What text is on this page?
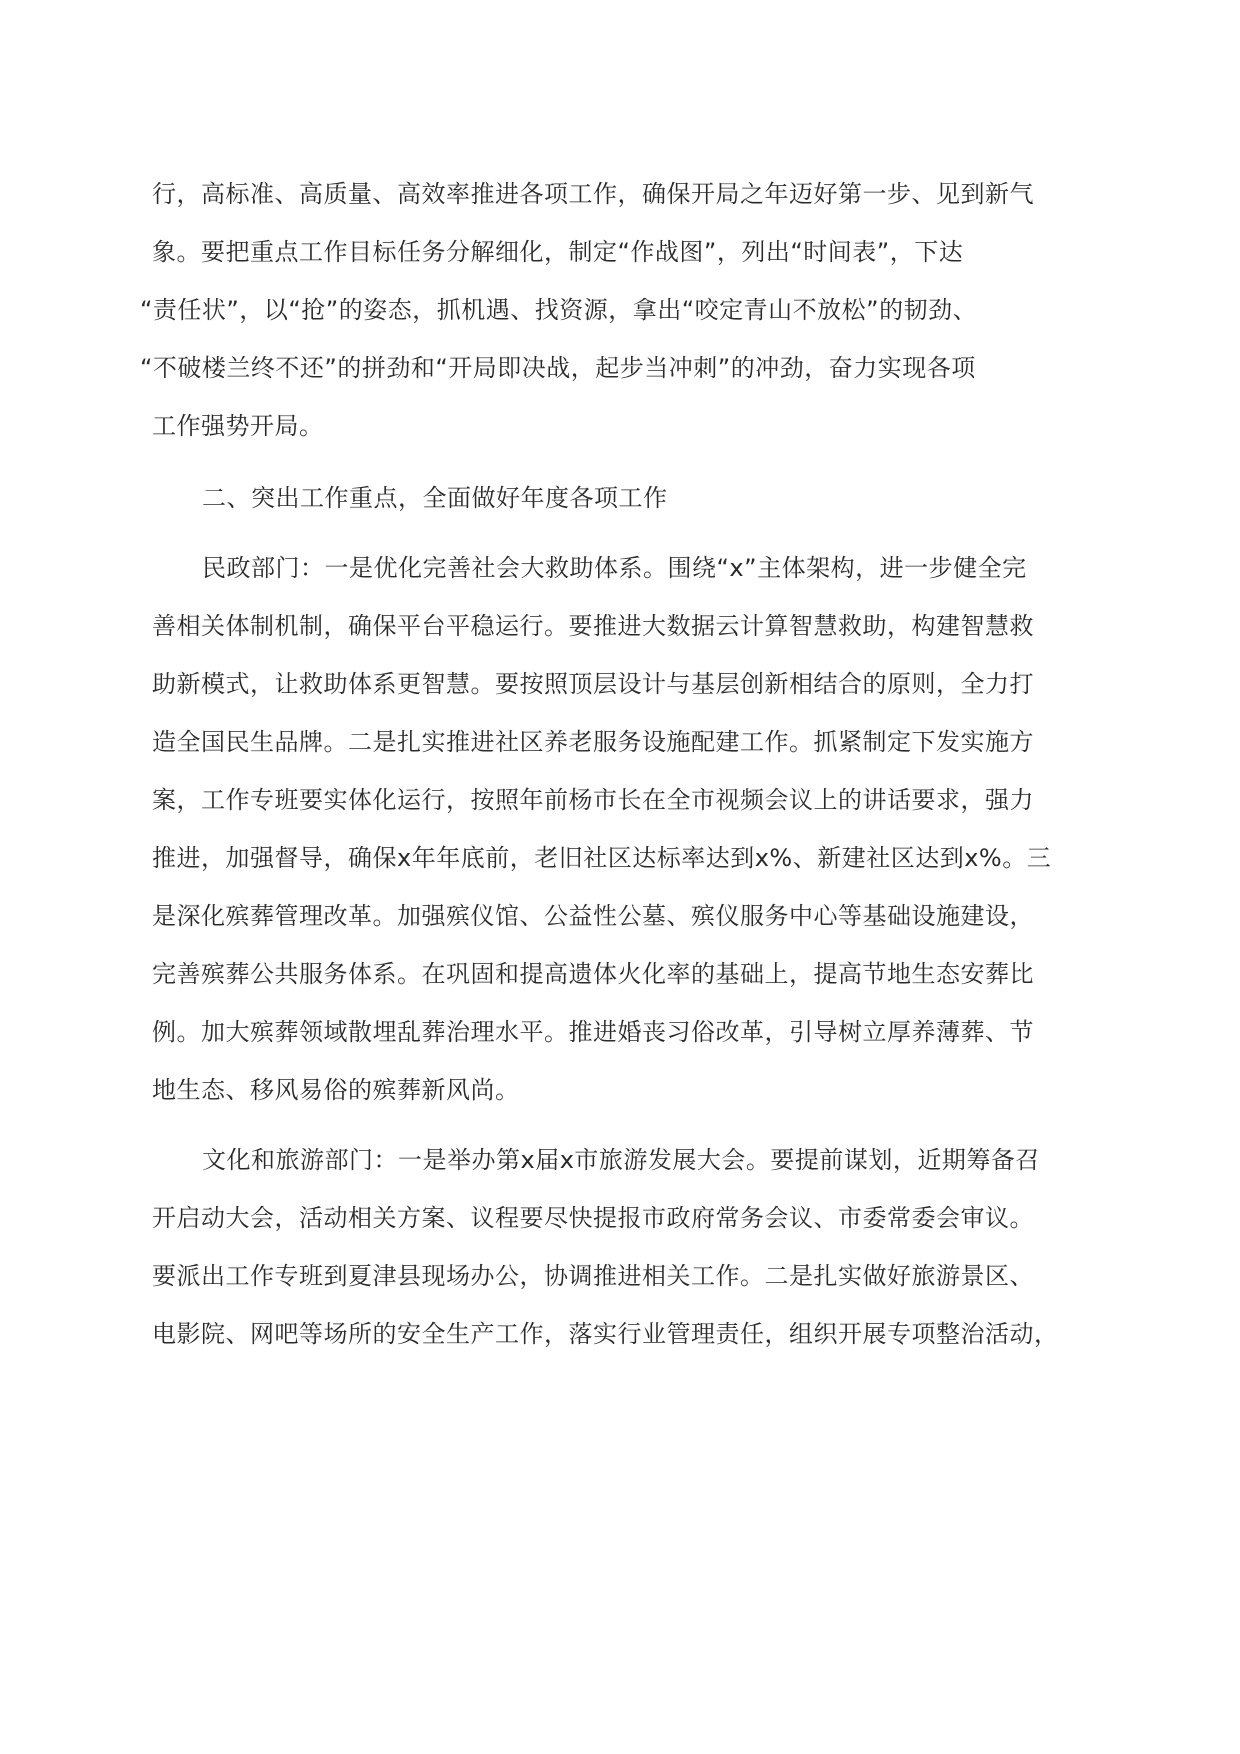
行，高标准、高质量、高效率推进各项工作，确保开局之年迈好第一步、见到新气
象。要把重点工作目标任务分解细化，制定“作战图”，列出“时间表”，下达
“责任状”，以“抢”的姿态，抓机遇、找资源，拿出“咬定青山不放松”的韧劲、
“不破楼兰终不还”的拼劲和“开局即决战，起步当冲刺”的冲劲，奋力实现各项
工作强势开局。
二、突出工作重点，全面做好年度各项工作
民政部门：一是优化完善社会大救助体系。围绕“x”主体架构，进一步健全完
善相关体制机制，确保平台平稳运行。要推进大数据云计算智慧救助，构建智慧救
助新模式，让救助体系更智慧。要按照顶层设计与基层创新相结合的原则，全力打
造全国民生品牌。二是扎实推进社区养老服务设施配建工作。抓紧制定下发实施方
案，工作专班要实体化运行，按照年前杨市长在全市视频会议上的讲话要求，强力
推进，加强督导，确保x年年底前，老旧社区达标率达到x%、新建社区达到x%。三
是深化殡葬管理改革。加强殡仪馆、公益性公墓、殡仪服务中心等基础设施建设，
完善殡葬公共服务体系。在巩固和提高遗体火化率的基础上，提高节地生态安葬比
例。加大殡葬领域散埋乱葬治理水平。推进婚丧习俗改革，引导树立厚养薄葬、节
地生态、移风易俗的殡葬新风尚。
文化和旅游部门：一是举办第x届x市旅游发展大会。要提前谋划，近期筹备召
开启动大会，活动相关方案、议程要尽快提报市政府常务会议、市委常委会审议。
要派出工作专班到夏津县现场办公，协调推进相关工作。二是扎实做好旅游景区、
电影院、网吧等场所的安全生产工作，落实行业管理责任，组织开展专项整治活动，
